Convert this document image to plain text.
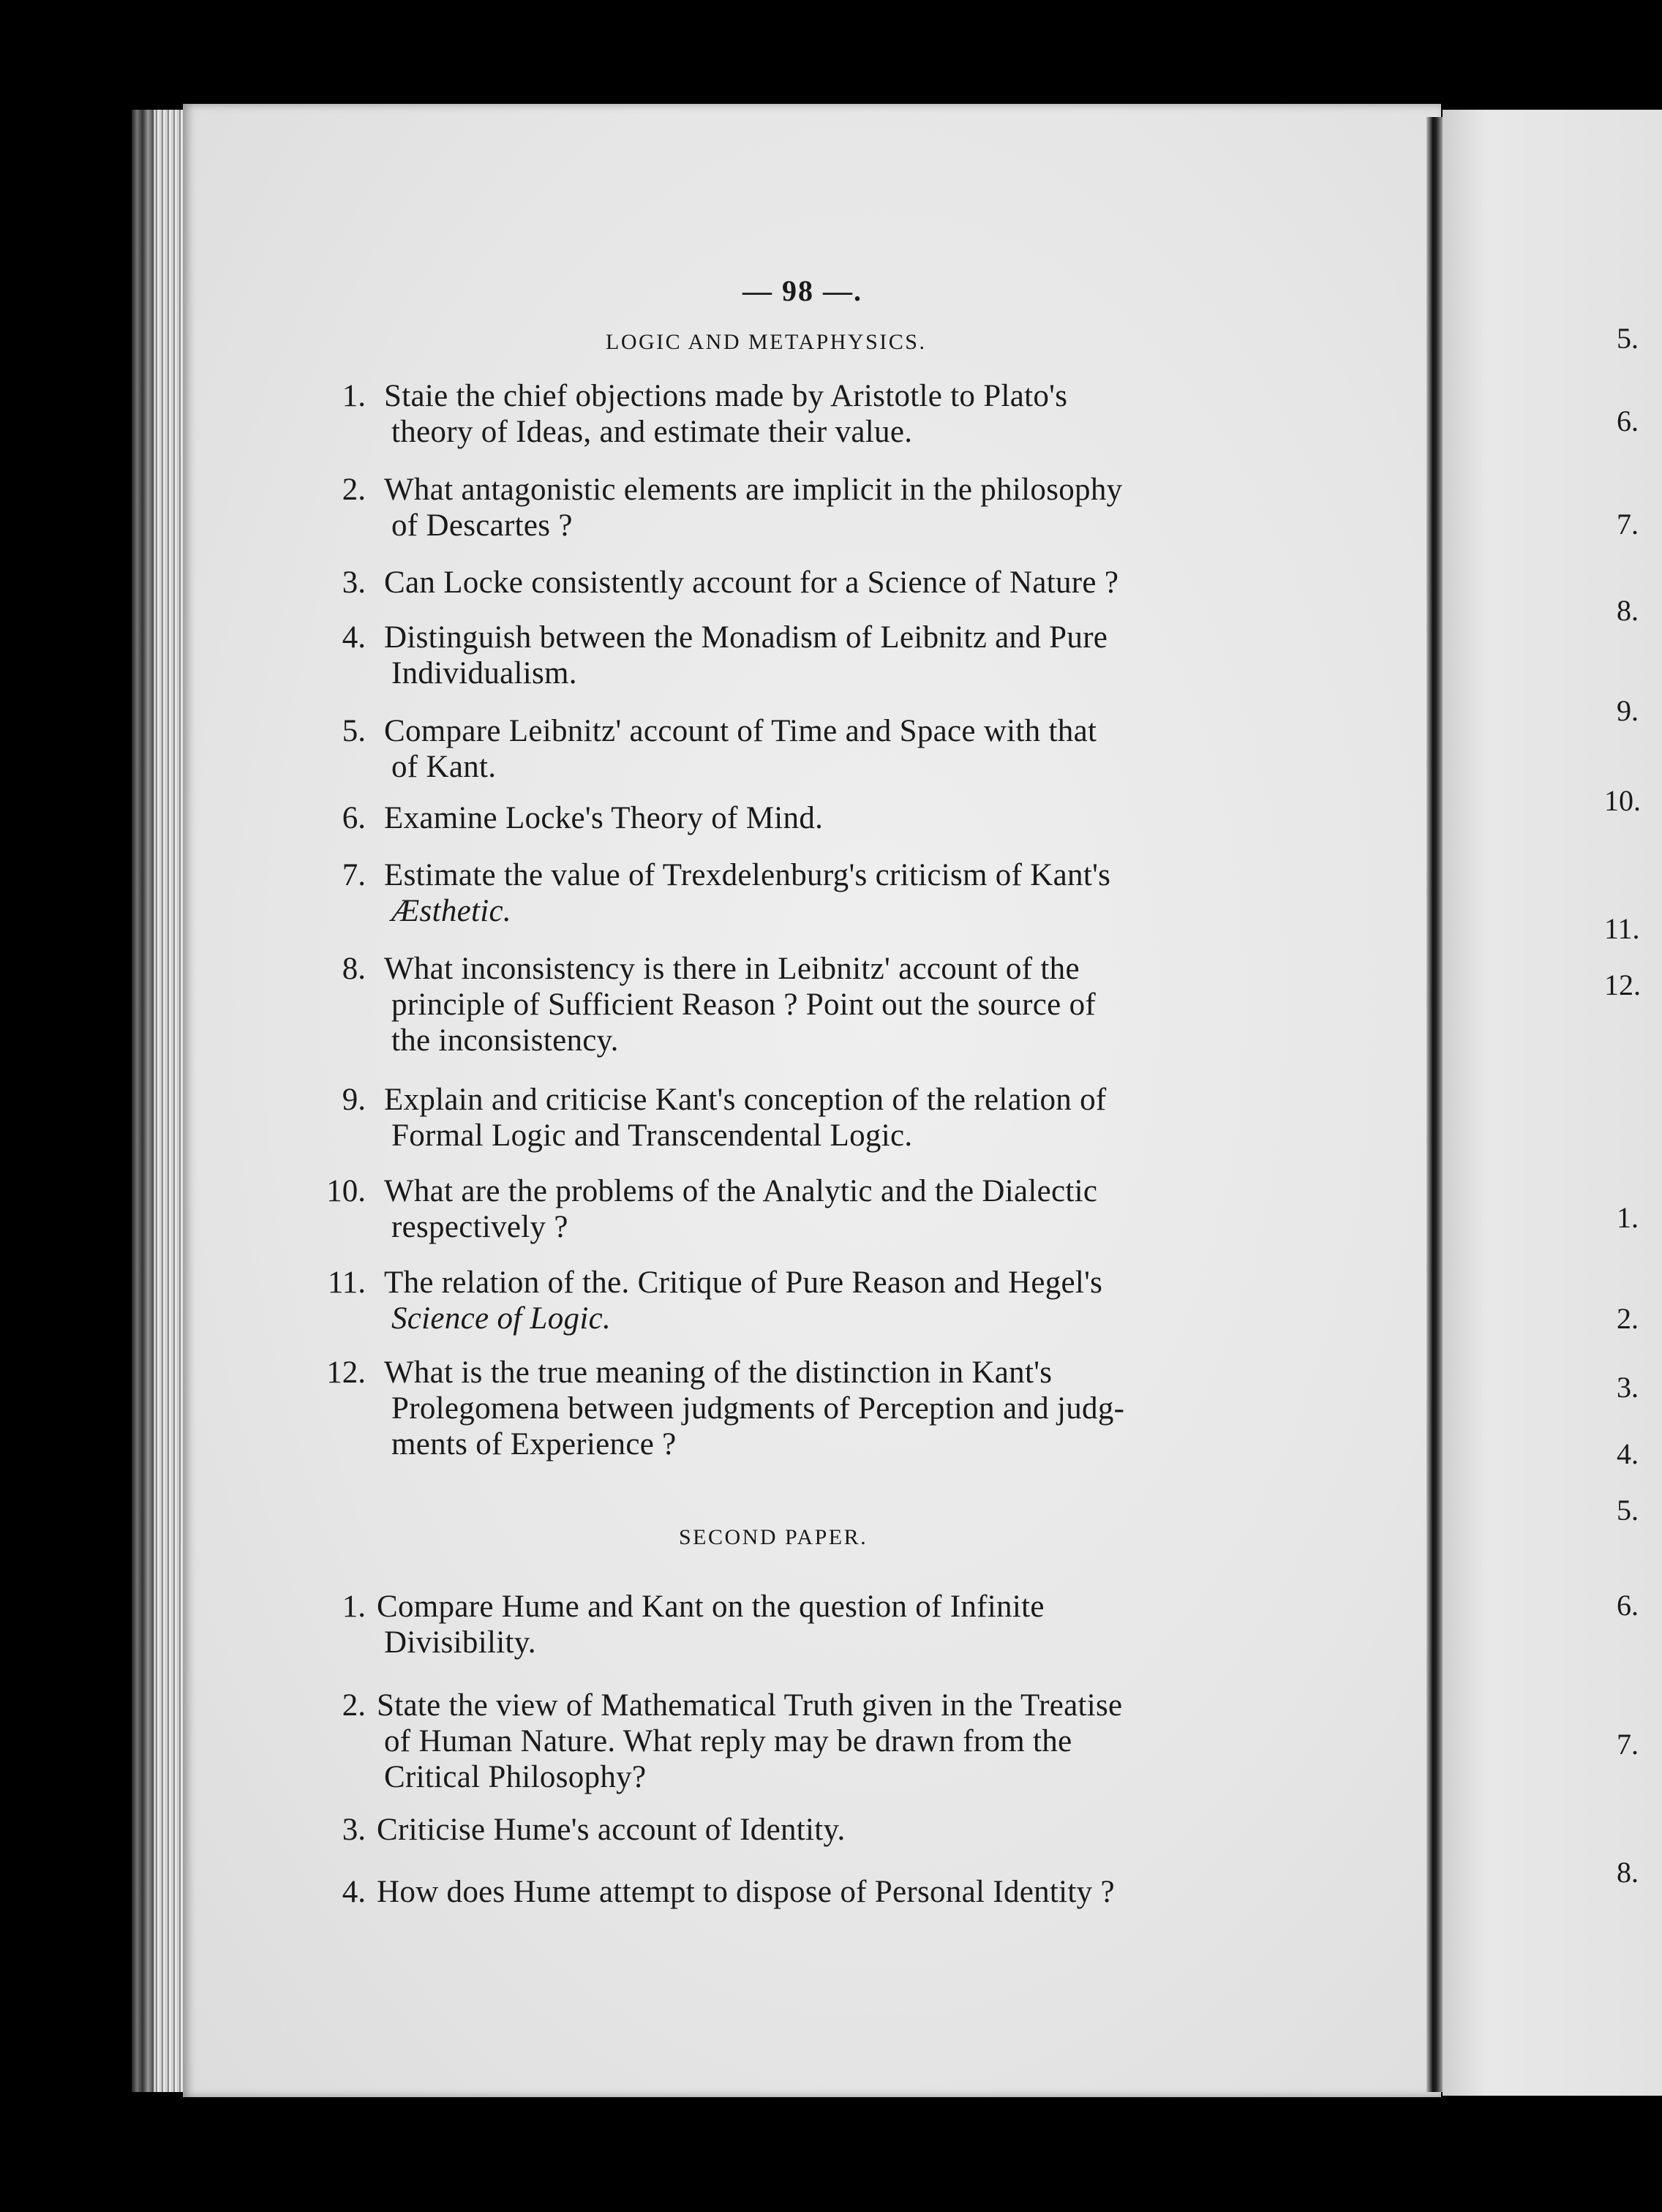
— 98 —.
LOGIC AND METAPHYSICS.
1. Staie the chief objections made by Aristotle to Plato's
theory of Ideas, and estimate their value.
2. What antagonistic elements are implicit in the philosophy
of Descartes ?
3. Can Locke consistently account for a Science of Nature ?
4. Distinguish between the Monadism of Leibnitz and Pure
Individualism.
5. Compare Leibnitz' account of Time and Space with that
of Kant.
6. Examine Locke's Theory of Mind.
7. Estimate the value of Trexdelenburg's criticism of Kant's
Æsthetic.
8. What inconsistency is there in Leibnitz' account of the
principle of Sufficient Reason ? Point out the source of
the inconsistency.
9. Explain and criticise Kant's conception of the relation of
Formal Logic and Transcendental Logic.
10. What are the problems of the Analytic and the Dialectic
respectively ?
11. The relation of the. Critique of Pure Reason and Hegel's
Science of Logic.
12. What is the true meaning of the distinction in Kant's
Prolegomena between judgments of Perception and judg-
ments of Experience ?
SECOND PAPER.
1. Compare Hume and Kant on the question of Infinite
Divisibility.
2. State the view of Mathematical Truth given in the Treatise
of Human Nature. What reply may be drawn from the
Critical Philosophy?
3. Criticise Hume's account of Identity.
4. How does Hume attempt to dispose of Personal Identity ?
5.
6.
7.
8.
9.
10.
11.
12.
1.
2.
3.
4.
5.
6.
7.
8.
